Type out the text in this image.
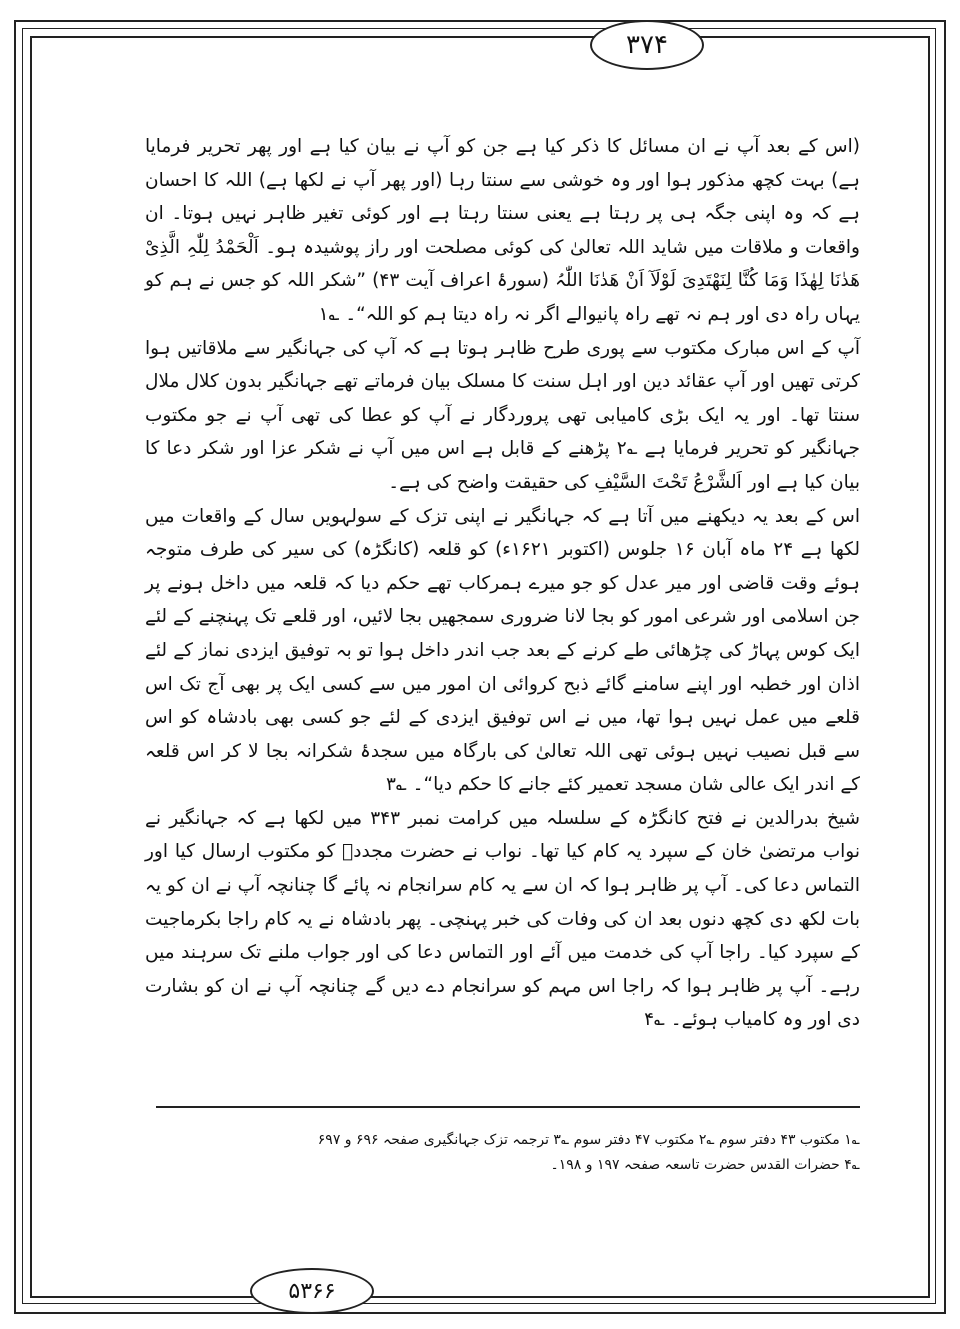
۳۷۴

(اس کے بعد آپ نے ان مسائل کا ذکر کیا ہے جن کو آپ نے بیان کیا ہے اور پھر تحریر فرمایا ہے) بہت کچھ مذکور ہوا اور وہ خوشی سے سنتا رہا (اور پھر آپ نے لکھا ہے) اللہ کا احسان ہے کہ وہ اپنی جگہ ہی پر رہتا ہے یعنی سنتا رہتا ہے اور کوئی تغیر ظاہر نہیں ہوتا۔ ان واقعات و ملاقات میں شاید اللہ تعالیٰ کی کوئی مصلحت اور راز پوشیدہ ہو۔ اَلْحَمْدُ لِلّٰہِ الَّذِیْ ھَدٰنَا لِھٰذَا وَمَا کُنَّا لِنَھْتَدِیَ لَوْلَآ اَنْ ھَدٰنَا اللّٰہُ (سورۂ اعراف آیت ۴۳) ”شکر اللہ کو جس نے ہم کو یہاں راہ دی اور ہم نہ تھے راہ پانیوالے اگر نہ راہ دیتا ہم کو اللہ“۔ ؎۱

آپ کے اس مبارک مکتوب سے پوری طرح ظاہر ہوتا ہے کہ آپ کی جہانگیر سے ملاقاتیں ہوا کرتی تھیں اور آپ عقائد دین اور اہل سنت کا مسلک بیان فرماتے تھے جہانگیر بدون کلال ملال سنتا تھا۔ اور یہ ایک بڑی کامیابی تھی پروردگار نے آپ کو عطا کی تھی آپ نے جو مکتوب جہانگیر کو تحریر فرمایا ہے ؎۲ پڑھنے کے قابل ہے اس میں آپ نے شکر عزا اور شکر دعا کا بیان کیا ہے اور اَلشَّرْعُ تَحْتَ السَّیْفِ کی حقیقت واضح کی ہے۔

اس کے بعد یہ دیکھنے میں آتا ہے کہ جہانگیر نے اپنی تزک کے سولہویں سال کے واقعات میں لکھا ہے ۲۴ ماہ آبان ۱۶ جلوس (اکتوبر ۱۶۲۱ء) کو قلعہ (کانگڑہ) کی سیر کی طرف متوجہ ہوئے وقت قاضی اور میر عدل کو جو میرے ہمرکاب تھے حکم دیا کہ قلعہ میں داخل ہونے پر جن اسلامی اور شرعی امور کو بجا لانا ضروری سمجھیں بجا لائیں، اور قلعے تک پہنچنے کے لئے ایک کوس پہاڑ کی چڑھائی طے کرنے کے بعد جب اندر داخل ہوا تو بہ توفیق ایزدی نماز کے لئے اذان اور خطبہ اور اپنے سامنے گائے ذبح کروائی ان امور میں سے کسی ایک پر بھی آج تک اس قلعے میں عمل نہیں ہوا تھا، میں نے اس توفیق ایزدی کے لئے جو کسی بھی بادشاہ کو اس سے قبل نصیب نہیں ہوئی تھی اللہ تعالیٰ کی بارگاہ میں سجدۂ شکرانہ بجا لا کر اس قلعہ کے اندر ایک عالی شان مسجد تعمیر کئے جانے کا حکم دیا“۔ ؎۳

شیخ بدرالدین نے فتح کانگڑہ کے سلسلہ میں کرامت نمبر ۳۴۳ میں لکھا ہے کہ جہانگیر نے نواب مرتضیٰ خان کے سپرد یہ کام کیا تھا۔ نواب نے حضرت مجددؒ کو مکتوب ارسال کیا اور التماس دعا کی۔ آپ پر ظاہر ہوا کہ ان سے یہ کام سرانجام نہ پائے گا چنانچہ آپ نے ان کو یہ بات لکھ دی کچھ دنوں بعد ان کی وفات کی خبر پہنچی۔ پھر بادشاہ نے یہ کام راجا بکرماجیت کے سپرد کیا۔ راجا آپ کی خدمت میں آئے اور التماس دعا کی اور جواب ملنے تک سرہند میں رہے۔ آپ پر ظاہر ہوا کہ راجا اس مہم کو سرانجام دے دیں گے چنانچہ آپ نے ان کو بشارت دی اور وہ کامیاب ہوئے۔ ؎۴

؎۱ مکتوب ۴۳ دفتر سوم ؎۲ مکتوب ۴۷ دفتر سوم ؎۳ ترجمہ تزک جہانگیری صفحہ ۶۹۶ و ۶۹۷
؎۴ حضرات القدس حضرت تاسعہ صفحہ ۱۹۷ و ۱۹۸۔
۵۳۶۶
